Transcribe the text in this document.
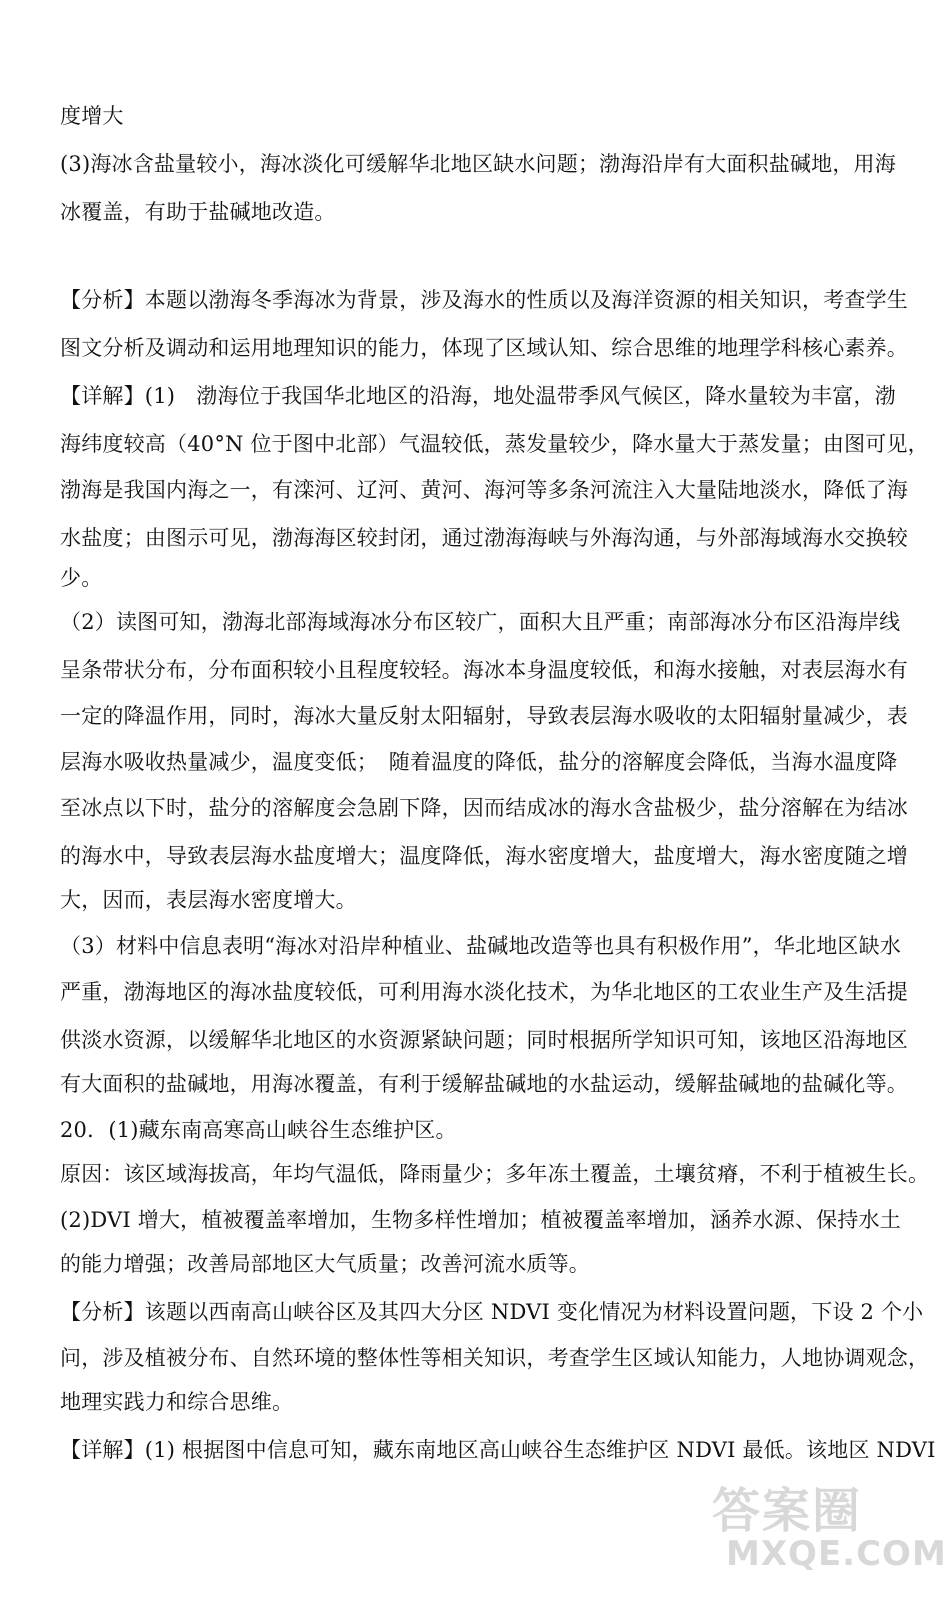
度增大
(3)海冰含盐量较小，海冰淡化可缓解华北地区缺水问题；渤海沿岸有大面积盐碱地，用海
冰覆盖，有助于盐碱地改造。
【分析】本题以渤海冬季海冰为背景，涉及海水的性质以及海洋资源的相关知识，考查学生
图文分析及调动和运用地理知识的能力，体现了区域认知、综合思维的地理学科核心素养。
【详解】(1)　渤海位于我国华北地区的沿海，地处温带季风气候区，降水量较为丰富，渤
海纬度较高（40°N 位于图中北部）气温较低，蒸发量较少，降水量大于蒸发量；由图可见，
渤海是我国内海之一，有滦河、辽河、黄河、海河等多条河流注入大量陆地淡水，降低了海
水盐度；由图示可见，渤海海区较封闭，通过渤海海峡与外海沟通，与外部海域海水交换较
少。
（2）读图可知，渤海北部海域海冰分布区较广，面积大且严重；南部海冰分布区沿海岸线
呈条带状分布，分布面积较小且程度较轻。海冰本身温度较低，和海水接触，对表层海水有
一定的降温作用，同时，海冰大量反射太阳辐射，导致表层海水吸收的太阳辐射量减少，表
层海水吸收热量减少，温度变低；　随着温度的降低，盐分的溶解度会降低，当海水温度降
至冰点以下时，盐分的溶解度会急剧下降，因而结成冰的海水含盐极少，盐分溶解在为结冰
的海水中，导致表层海水盐度增大；温度降低，海水密度增大，盐度增大，海水密度随之增
大，因而，表层海水密度增大。
（3）材料中信息表明“海冰对沿岸种植业、盐碱地改造等也具有积极作用”，华北地区缺水
严重，渤海地区的海冰盐度较低，可利用海水淡化技术，为华北地区的工农业生产及生活提
供淡水资源，以缓解华北地区的水资源紧缺问题；同时根据所学知识可知，该地区沿海地区
有大面积的盐碱地，用海冰覆盖，有利于缓解盐碱地的水盐运动，缓解盐碱地的盐碱化等。
20．(1)藏东南高寒高山峡谷生态维护区。
原因：该区域海拔高，年均气温低，降雨量少；多年冻土覆盖，土壤贫瘠，不利于植被生长。
(2)DVI 增大，植被覆盖率增加，生物多样性增加；植被覆盖率增加，涵养水源、保持水土
的能力增强；改善局部地区大气质量；改善河流水质等。
【分析】该题以西南高山峡谷区及其四大分区 NDVI 变化情况为材料设置问题，下设 2 个小
问，涉及植被分布、自然环境的整体性等相关知识，考查学生区域认知能力，人地协调观念，
地理实践力和综合思维。
【详解】(1) 根据图中信息可知，藏东南地区高山峡谷生态维护区 NDVI 最低。该地区 NDVI
答案圈
MXQE.COM
